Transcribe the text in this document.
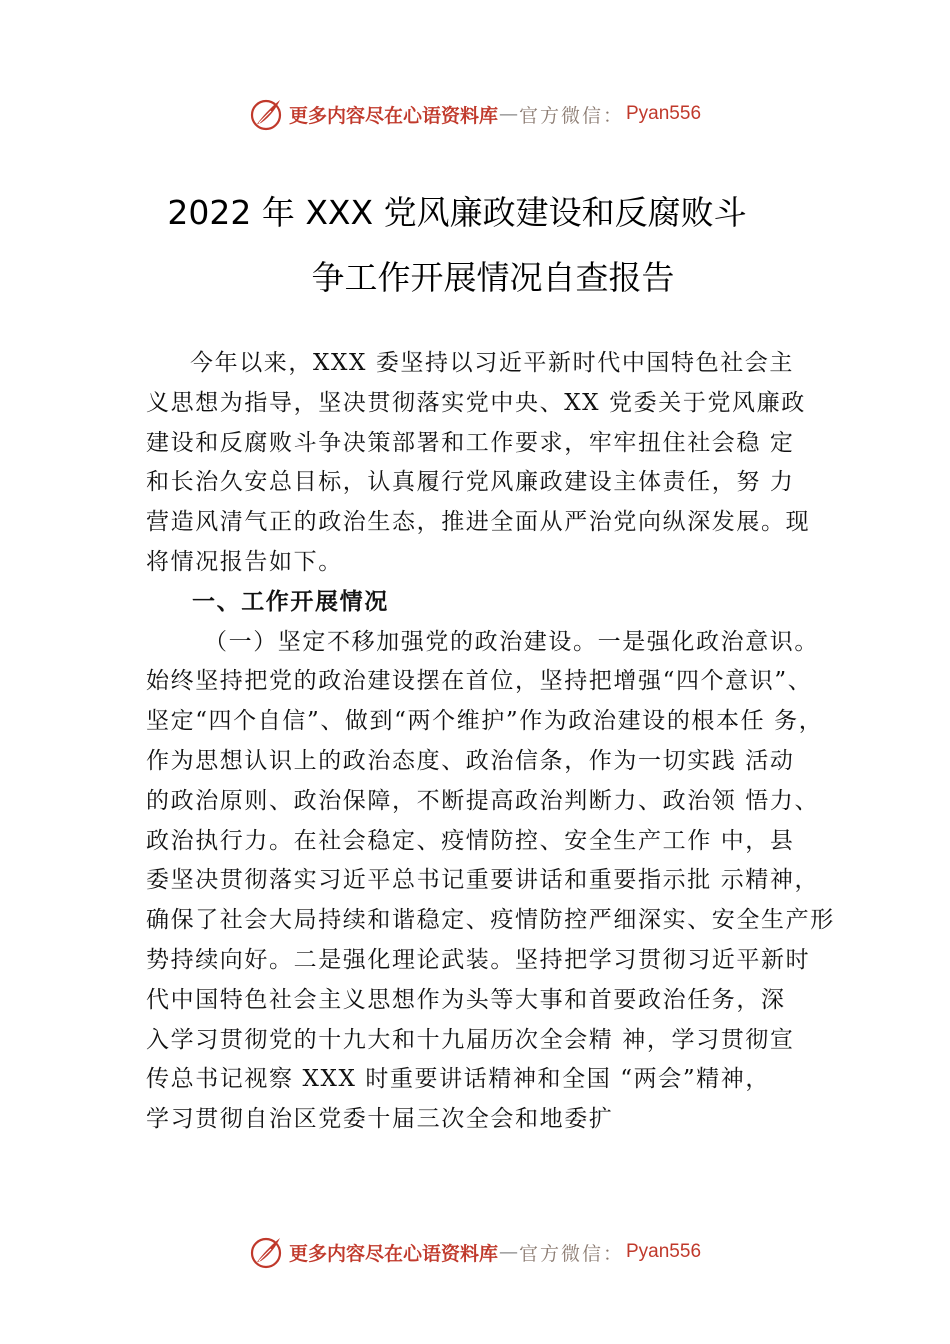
更多内容尽在心语资料库 — 官方微信： Pyan556
2022 年 XXX 党风廉政建设和反腐败斗
争工作开展情况自查报告
今年以来，XXX 委坚持以习近平新时代中国特色社会主
义思想为指导，坚决贯彻落实党中央、XX 党委关于党风廉政
建设和反腐败斗争决策部署和工作要求，牢牢扭住社会稳 定
和长治久安总目标，认真履行党风廉政建设主体责任，努 力
营造风清气正的政治生态，推进全面从严治党向纵深发展。现
将情况报告如下。
一、工作开展情况
（一）坚定不移加强党的政治建设。一是强化政治意识。
始终坚持把党的政治建设摆在首位，坚持把增强“四个意识”、
坚定“四个自信”、做到“两个维护”作为政治建设的根本任 务，
作为思想认识上的政治态度、政治信条，作为一切实践 活动
的政治原则、政治保障，不断提高政治判断力、政治领 悟力、
政治执行力。在社会稳定、疫情防控、安全生产工作 中，县
委坚决贯彻落实习近平总书记重要讲话和重要指示批 示精神，
确保了社会大局持续和谐稳定、疫情防控严细深实、安全生产形
势持续向好。二是强化理论武装。坚持把学习贯彻习近平新时
代中国特色社会主义思想作为头等大事和首要政治任务，深
入学习贯彻党的十九大和十九届历次全会精 神，学习贯彻宣
传总书记视察 XXX 时重要讲话精神和全国 “两会”精神，
学习贯彻自治区党委十届三次全会和地委扩
更多内容尽在心语资料库 — 官方微信： Pyan556
